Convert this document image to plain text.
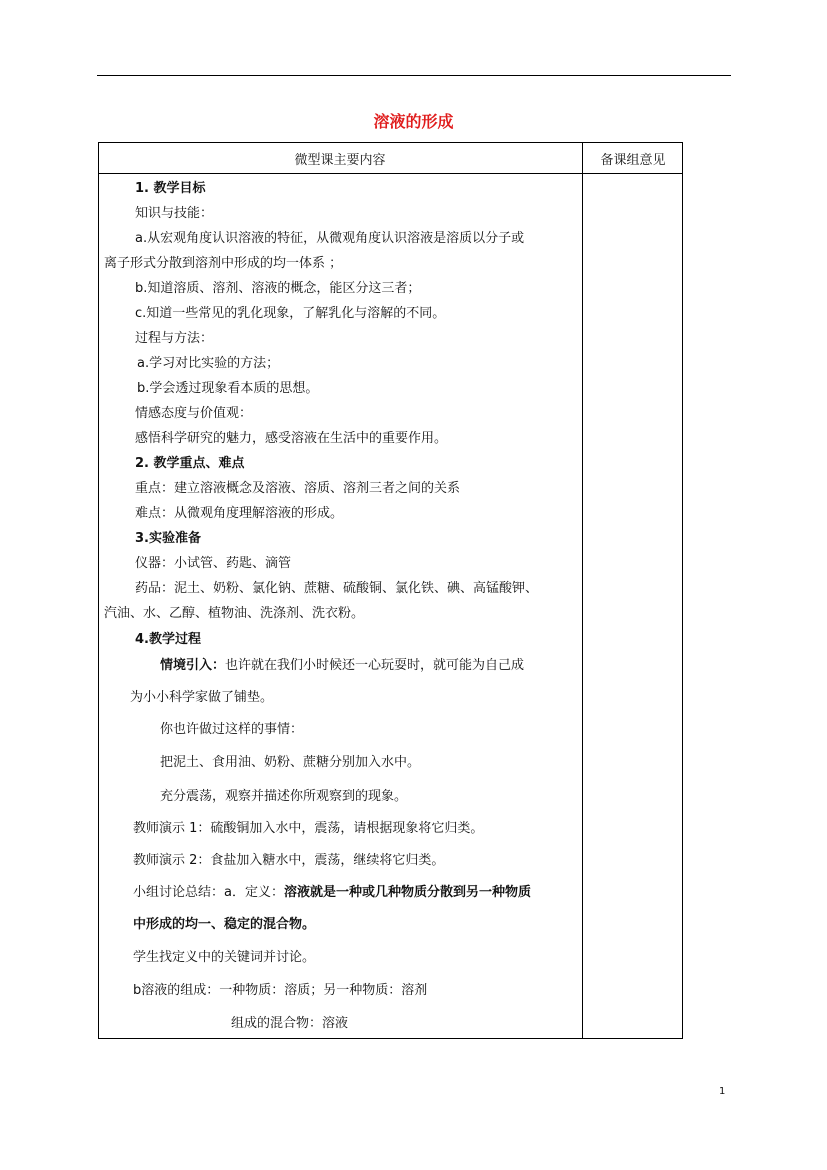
溶液的形成
微型课主要内容	备课组意见
1. 教学目标
知识与技能：
a.从宏观角度认识溶液的特征，从微观角度认识溶液是溶质以分子或
离子形式分散到溶剂中形成的均一体系 ；
b.知道溶质、溶剂、溶液的概念，能区分这三者；
c.知道一些常见的乳化现象，了解乳化与溶解的不同。
过程与方法：
a.学习对比实验的方法；
b.学会透过现象看本质的思想。
情感态度与价值观：
感悟科学研究的魅力，感受溶液在生活中的重要作用。
2. 教学重点、难点
重点：建立溶液概念及溶液、溶质、溶剂三者之间的关系
难点：从微观角度理解溶液的形成。
3.实验准备
仪器：小试管、药匙、滴管
药品：泥土、奶粉、氯化钠、蔗糖、硫酸铜、氯化铁、碘、高锰酸钾、
汽油、水、乙醇、植物油、洗涤剂、洗衣粉。
4.教学过程
情境引入：也许就在我们小时候还一心玩耍时，就可能为自己成
为小小科学家做了铺垫。
你也许做过这样的事情：
把泥土、食用油、奶粉、蔗糖分别加入水中。
充分震荡，观察并描述你所观察到的现象。
教师演示 1：硫酸铜加入水中，震荡，请根据现象将它归类。
教师演示 2：食盐加入糖水中，震荡，继续将它归类。
小组讨论总结：a．定义：溶液就是一种或几种物质分散到另一种物质
中形成的均一、稳定的混合物。
学生找定义中的关键词并讨论。
b溶液的组成：一种物质：溶质；另一种物质：溶剂
组成的混合物：溶液
1
